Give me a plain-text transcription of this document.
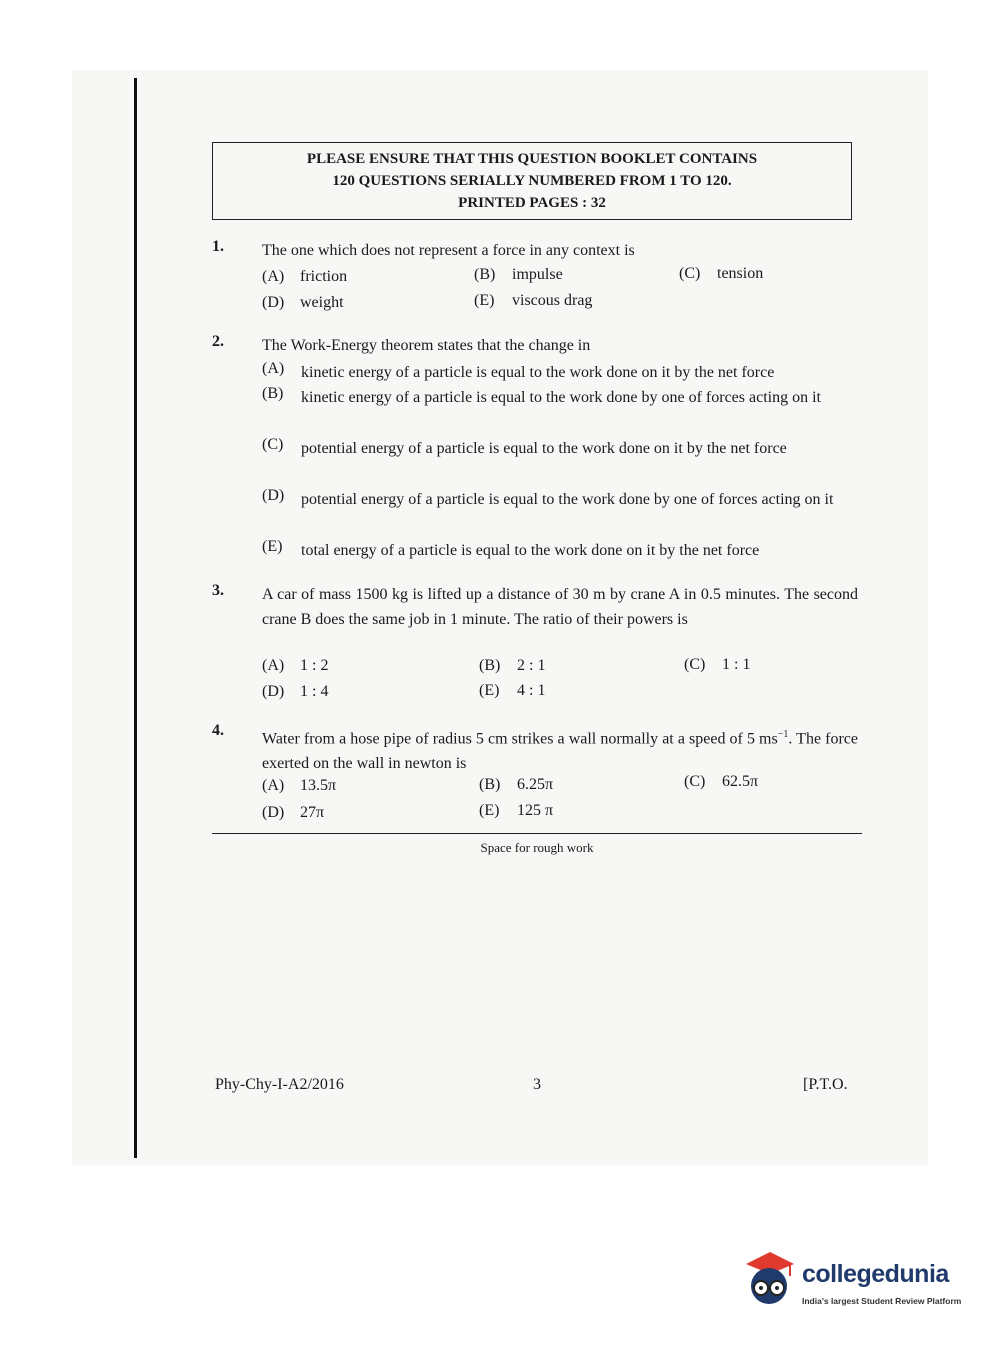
PLEASE ENSURE THAT THIS QUESTION BOOKLET CONTAINS
120 QUESTIONS SERIALLY NUMBERED FROM 1 TO 120.
PRINTED PAGES : 32
1. The one which does not represent a force in any context is
(A) friction	(B) impulse	(C) tension
(D) weight	(E) viscous drag
2. The Work-Energy theorem states that the change in
(A) kinetic energy of a particle is equal to the work done on it by the net force
(B) kinetic energy of a particle is equal to the work done by one of forces acting on it
(C) potential energy of a particle is equal to the work done on it by the net force
(D) potential energy of a particle is equal to the work done by one of forces acting on it
(E) total energy of a particle is equal to the work done on it by the net force
3. A car of mass 1500 kg is lifted up a distance of 30 m by crane A in 0.5 minutes. The second crane B does the same job in 1 minute. The ratio of their powers is
(A) 1 : 2	(B) 2 : 1	(C) 1 : 1
(D) 1 : 4	(E) 4 : 1
4. Water from a hose pipe of radius 5 cm strikes a wall normally at a speed of 5 $ms^{-1}$. The force exerted on the wall in newton is
(A) 13.5π	(B) 6.25π	(C) 62.5π
(D) 27π	(E) 125 π
Space for rough work
Phy-Chy-I-A2/2016	3	[P.T.O.
collegedunia
India's largest Student Review Platform
